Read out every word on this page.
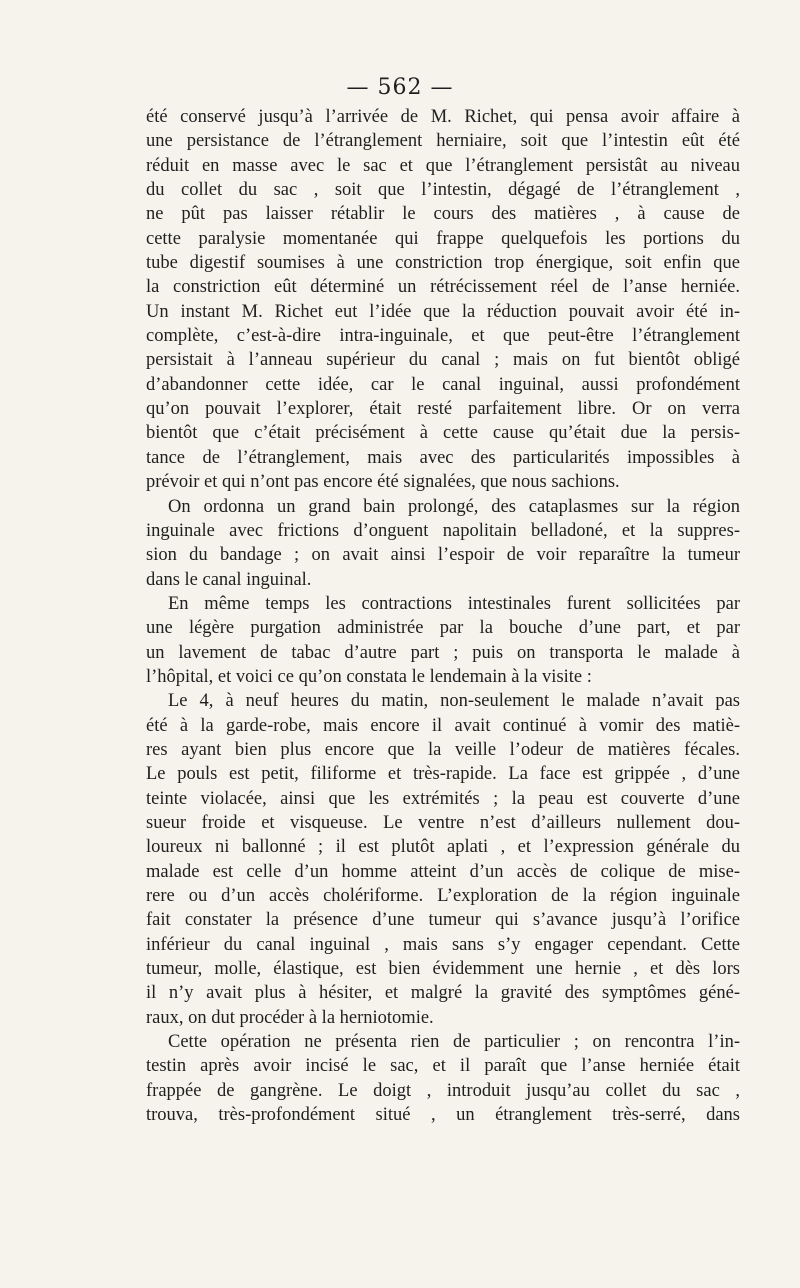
— 562 —
été conservé jusqu’à l’arrivée de M. Richet, qui pensa avoir affaire à
une persistance de l’étranglement herniaire, soit que l’intestin eût été
réduit en masse avec le sac et que l’étranglement persistât au niveau
du collet du sac , soit que l’intestin, dégagé de l’étranglement ,
ne pût pas laisser rétablir le cours des matières , à cause de
cette paralysie momentanée qui frappe quelquefois les portions du
tube digestif soumises à une constriction trop énergique, soit enfin que
la constriction eût déterminé un rétrécissement réel de l’anse herniée.
Un instant M. Richet eut l’idée que la réduction pouvait avoir été in-
complète, c’est-à-dire intra-inguinale, et que peut-être l’étranglement
persistait à l’anneau supérieur du canal ; mais on fut bientôt obligé
d’abandonner cette idée, car le canal inguinal, aussi profondément
qu’on pouvait l’explorer, était resté parfaitement libre. Or on verra
bientôt que c’était précisément à cette cause qu’était due la persis-
tance de l’étranglement, mais avec des particularités impossibles à
prévoir et qui n’ont pas encore été signalées, que nous sachions.
On ordonna un grand bain prolongé, des cataplasmes sur la région
inguinale avec frictions d’onguent napolitain belladoné, et la suppres-
sion du bandage ; on avait ainsi l’espoir de voir reparaître la tumeur
dans le canal inguinal.
En même temps les contractions intestinales furent sollicitées par
une légère purgation administrée par la bouche d’une part, et par
un lavement de tabac d’autre part ; puis on transporta le malade à
l’hôpital, et voici ce qu’on constata le lendemain à la visite :
Le 4, à neuf heures du matin, non-seulement le malade n’avait pas
été à la garde-robe, mais encore il avait continué à vomir des matiè-
res ayant bien plus encore que la veille l’odeur de matières fécales.
Le pouls est petit, filiforme et très-rapide. La face est grippée , d’une
teinte violacée, ainsi que les extrémités ; la peau est couverte d’une
sueur froide et visqueuse. Le ventre n’est d’ailleurs nullement dou-
loureux ni ballonné ; il est plutôt aplati , et l’expression générale du
malade est celle d’un homme atteint d’un accès de colique de mise-
rere ou d’un accès cholériforme. L’exploration de la région inguinale
fait constater la présence d’une tumeur qui s’avance jusqu’à l’orifice
inférieur du canal inguinal , mais sans s’y engager cependant. Cette
tumeur, molle, élastique, est bien évidemment une hernie , et dès lors
il n’y avait plus à hésiter, et malgré la gravité des symptômes géné-
raux, on dut procéder à la herniotomie.
Cette opération ne présenta rien de particulier ; on rencontra l’in-
testin après avoir incisé le sac, et il paraît que l’anse herniée était
frappée de gangrène. Le doigt , introduit jusqu’au collet du sac ,
trouva, très-profondément situé , un étranglement très-serré, dans
